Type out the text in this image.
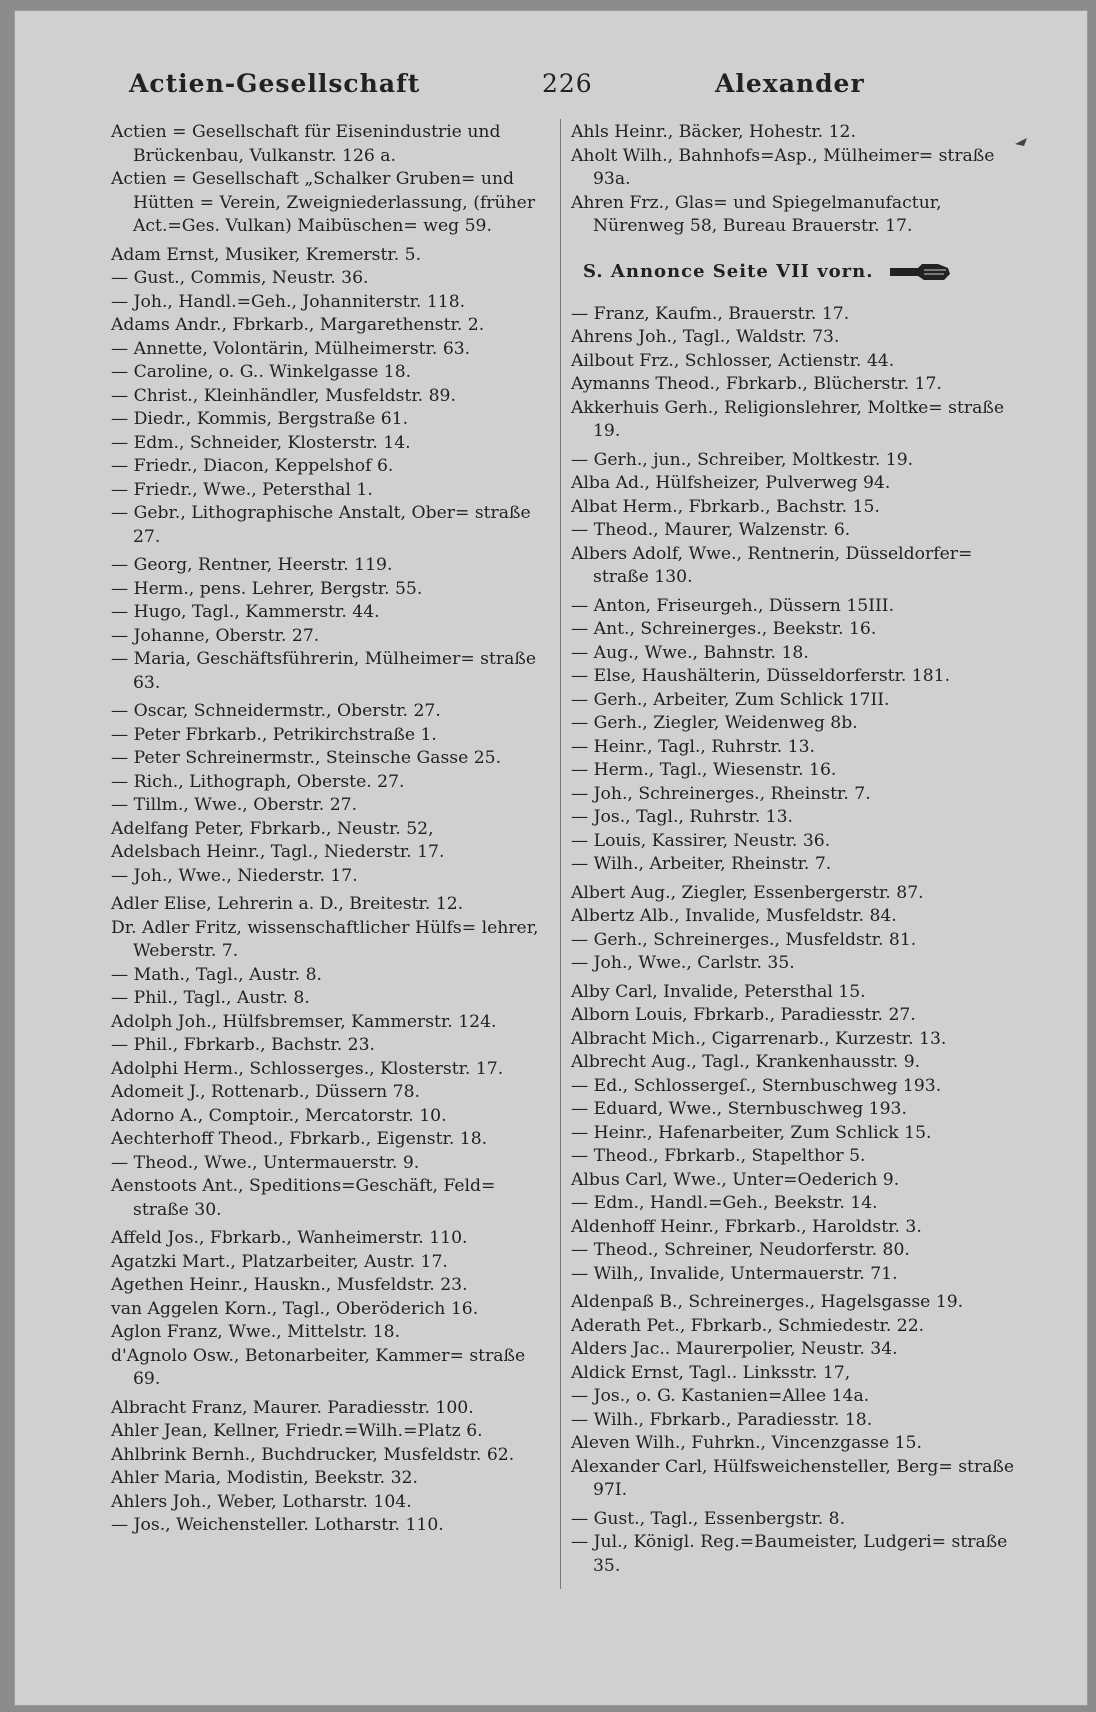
Actien-Gesellschaft	226	Alexander

Actien = Gesellschaft für Eisenindustrie und Brückenbau, Vulkanstr. 126 a.

Actien = Gesellschaft „Schalker Gruben= und Hütten = Verein, Zweigniederlassung, (früher Act.=Ges. Vulkan) Maibüschen= weg 59.

Adam Ernst, Musiker, Kremerstr. 5.

— Gust., Commis, Neustr. 36.

— Joh., Handl.=Geh., Johanniterstr. 118.

Adams Andr., Fbrkarb., Margarethenstr. 2.

— Annette, Volontärin, Mülheimerstr. 63.

— Caroline, o. G.. Winkelgasse 18.

— Christ., Kleinhändler, Musfeldstr. 89.

— Diedr., Kommis, Bergstraße 61.

— Edm., Schneider, Klosterstr. 14.

— Friedr., Diacon, Keppelshof 6.

— Friedr., Wwe., Petersthal 1.

— Gebr., Lithographische Anstalt, Ober= straße 27.

— Georg, Rentner, Heerstr. 119.

— Herm., pens. Lehrer, Bergstr. 55.

— Hugo, Tagl., Kammerstr. 44.

— Johanne, Oberstr. 27.

— Maria, Geschäftsführerin, Mülheimer= straße 63.

— Oscar, Schneidermstr., Oberstr. 27.

— Peter Fbrkarb., Petrikirchstraße 1.

— Peter Schreinermstr., Steinsche Gasse 25.

— Rich., Lithograph, Oberste. 27.

— Tillm., Wwe., Oberstr. 27.

Adelfang Peter, Fbrkarb., Neustr. 52,

Adelsbach Heinr., Tagl., Niederstr. 17.

— Joh., Wwe., Niederstr. 17.

Adler Elise, Lehrerin a. D., Breitestr. 12.

Dr. Adler Fritz, wissenschaftlicher Hülfs= lehrer, Weberstr. 7.

— Math., Tagl., Austr. 8.

— Phil., Tagl., Austr. 8.

Adolph Joh., Hülfsbremser, Kammerstr. 124.

— Phil., Fbrkarb., Bachstr. 23.

Adolphi Herm., Schlosserges., Klosterstr. 17.

Adomeit J., Rottenarb., Düssern 78.

Adorno A., Comptoir., Mercatorstr. 10.

Aechterhoff Theod., Fbrkarb., Eigenstr. 18.

— Theod., Wwe., Untermauerstr. 9.

Aenstoots Ant., Speditions=Geschäft, Feld= straße 30.

Affeld Jos., Fbrkarb., Wanheimerstr. 110.

Agatzki Mart., Platzarbeiter, Austr. 17.

Agethen Heinr., Hauskn., Musfeldstr. 23.

van Aggelen Korn., Tagl., Oberöderich 16.

Aglon Franz, Wwe., Mittelstr. 18.

d'Agnolo Osw., Betonarbeiter, Kammer= straße 69.

Albracht Franz, Maurer. Paradiesstr. 100.

Ahler Jean, Kellner, Friedr.=Wilh.=Platz 6.

Ahlbrink Bernh., Buchdrucker, Musfeldstr. 62.

Ahler Maria, Modistin, Beekstr. 32.

Ahlers Joh., Weber, Lotharstr. 104.

— Jos., Weichensteller. Lotharstr. 110.

Ahls Heinr., Bäcker, Hohestr. 12.

Aholt Wilh., Bahnhofs=Asp., Mülheimer= straße 93a.

Ahren Frz., Glas= und Spiegelmanufactur, Nürenweg 58, Bureau Brauerstr. 17.

S. Annonce Seite VII vorn.

— Franz, Kaufm., Brauerstr. 17.

Ahrens Joh., Tagl., Waldstr. 73.

Ailbout Frz., Schlosser, Actienstr. 44.

Aymanns Theod., Fbrkarb., Blücherstr. 17.

Akkerhuis Gerh., Religionslehrer, Moltke= straße 19.

— Gerh., jun., Schreiber, Moltkestr. 19.

Alba Ad., Hülfsheizer, Pulverweg 94.

Albat Herm., Fbrkarb., Bachstr. 15.

— Theod., Maurer, Walzenstr. 6.

Albers Adolf, Wwe., Rentnerin, Düsseldorfer= straße 130.

— Anton, Friseurgeh., Düssern 15III.

— Ant., Schreinerges., Beekstr. 16.

— Aug., Wwe., Bahnstr. 18.

— Else, Haushälterin, Düsseldorferstr. 181.

— Gerh., Arbeiter, Zum Schlick 17II.

— Gerh., Ziegler, Weidenweg 8b.

— Heinr., Tagl., Ruhrstr. 13.

— Herm., Tagl., Wiesenstr. 16.

— Joh., Schreinerges., Rheinstr. 7.

— Jos., Tagl., Ruhrstr. 13.

— Louis, Kassirer, Neustr. 36.

— Wilh., Arbeiter, Rheinstr. 7.

Albert Aug., Ziegler, Essenbergerstr. 87.

Albertz Alb., Invalide, Musfeldstr. 84.

— Gerh., Schreinerges., Musfeldstr. 81.

— Joh., Wwe., Carlstr. 35.

Alby Carl, Invalide, Petersthal 15.

Alborn Louis, Fbrkarb., Paradiesstr. 27.

Albracht Mich., Cigarrenarb., Kurzestr. 13.

Albrecht Aug., Tagl., Krankenhausstr. 9.

— Ed., Schlossergeſ., Sternbuschweg 193.

— Eduard, Wwe., Sternbuschweg 193.

— Heinr., Hafenarbeiter, Zum Schlick 15.

— Theod., Fbrkarb., Stapelthor 5.

Albus Carl, Wwe., Unter=Oederich 9.

— Edm., Handl.=Geh., Beekstr. 14.

Aldenhoff Heinr., Fbrkarb., Haroldstr. 3.

— Theod., Schreiner, Neudorferstr. 80.

— Wilh,, Invalide, Untermauerstr. 71.

Aldenpaß B., Schreinerges., Hagelsgasse 19.

Aderath Pet., Fbrkarb., Schmiedestr. 22.

Alders Jac.. Maurerpolier, Neustr. 34.

Aldick Ernst, Tagl.. Linksstr. 17,

— Jos., o. G. Kastanien=Allee 14a.

— Wilh., Fbrkarb., Paradiesstr. 18.

Aleven Wilh., Fuhrkn., Vincenzgasse 15.

Alexander Carl, Hülfsweichensteller, Berg= straße 97I.

— Gust., Tagl., Essenbergstr. 8.

— Jul., Königl. Reg.=Baumeister, Ludgeri= straße 35.
